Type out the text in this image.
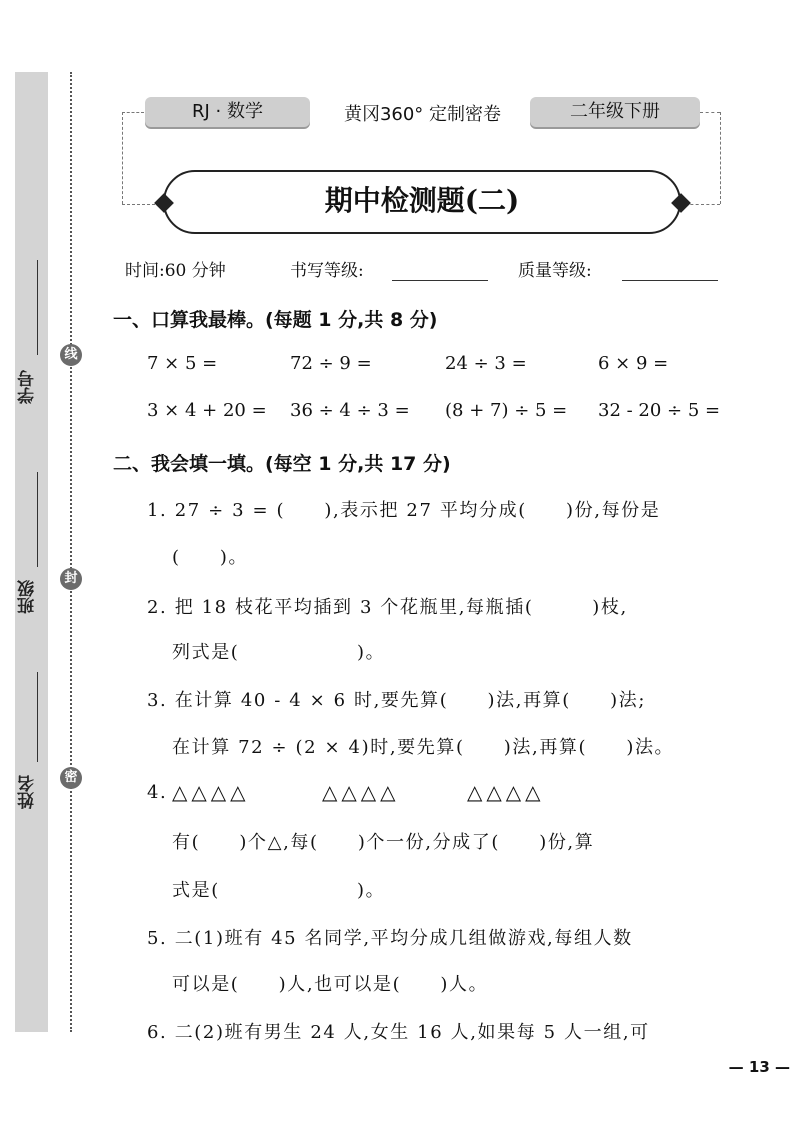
学号
班级
姓名
线
封
密
RJ · 数学	黄冈360° 定制密卷	二年级下册
期中检测题(二)
时间:60 分钟	书写等级:	质量等级:
一、口算我最棒。(每题 1 分,共 8 分)
7 × 5 =	72 ÷ 9 =	24 ÷ 3 =	6 × 9 =
3 × 4 + 20 = 36 ÷ 4 ÷ 3 = (8 + 7) ÷ 5 = 32 - 20 ÷ 5 =
二、我会填一填。(每空 1 分,共 17 分)
1. 27 ÷ 3 = (　　),表示把 27 平均分成(　　)份,每份是
(　　)。
2. 把 18 枝花平均插到 3 个花瓶里,每瓶插(　　　)枝,
列式是(　　　　　　)。
3. 在计算 40 - 4 × 6 时,要先算(　　)法,再算(　　)法;
在计算 72 ÷ (2 × 4)时,要先算(　　)法,再算(　　)法。
4. △△△△	△△△△	△△△△
有(　　)个△,每(　　)个一份,分成了(　　)份,算
式是(　　　　　　　)。
5. 二(1)班有 45 名同学,平均分成几组做游戏,每组人数
可以是(　　)人,也可以是(　　)人。
6. 二(2)班有男生 24 人,女生 16 人,如果每 5 人一组,可
— 13 —
